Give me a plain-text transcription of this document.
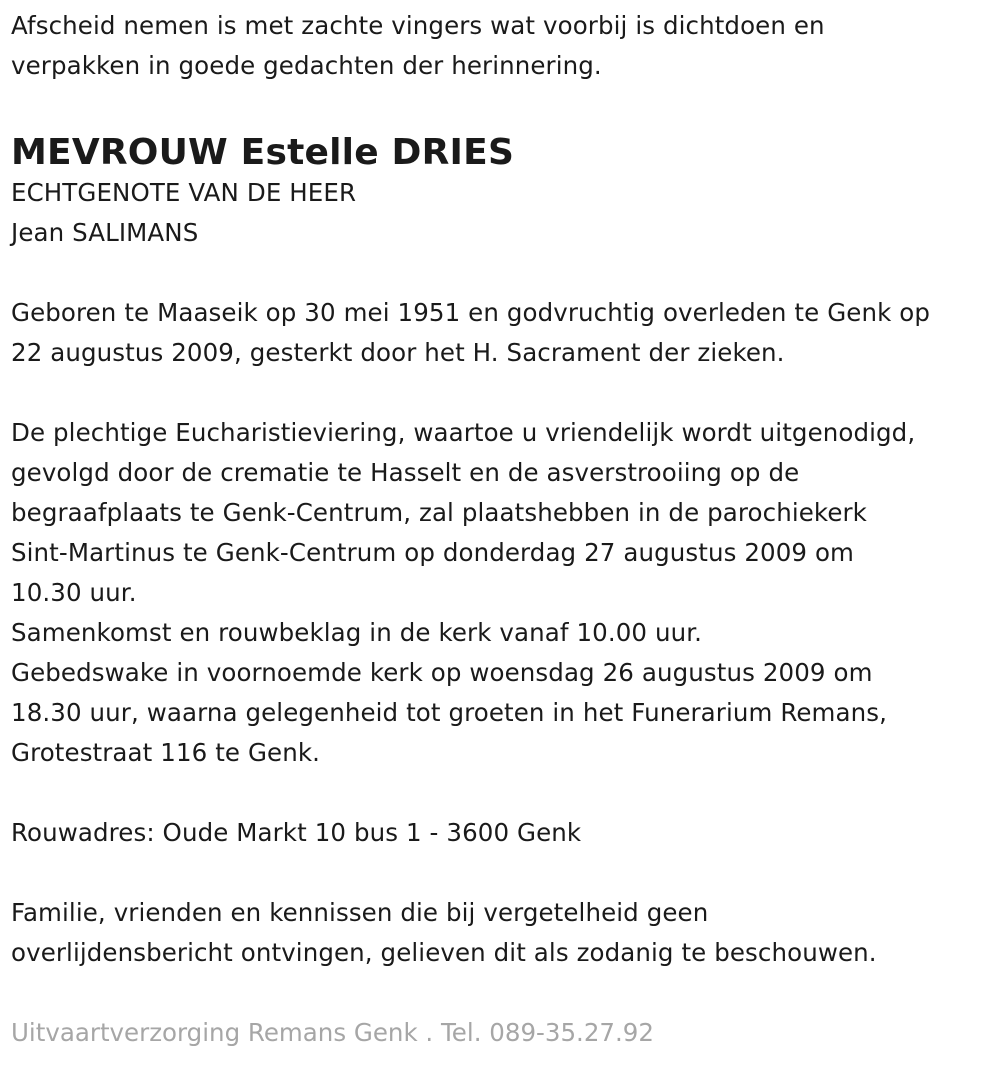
Afscheid nemen is met zachte vingers wat voorbij is dichtdoen en
verpakken in goede gedachten der herinnering.
MEVROUW Estelle DRIES
ECHTGENOTE VAN DE HEER
Jean SALIMANS
Geboren te Maaseik op 30 mei 1951 en godvruchtig overleden te Genk op
22 augustus 2009, gesterkt door het H. Sacrament der zieken.
De plechtige Eucharistieviering, waartoe u vriendelijk wordt uitgenodigd,
gevolgd door de crematie te Hasselt en de asverstrooiing op de
begraafplaats te Genk-Centrum, zal plaatshebben in de parochiekerk
Sint-Martinus te Genk-Centrum op donderdag 27 augustus 2009 om
10.30 uur.
Samenkomst en rouwbeklag in de kerk vanaf 10.00 uur.
Gebedswake in voornoemde kerk op woensdag 26 augustus 2009 om
18.30 uur, waarna gelegenheid tot groeten in het Funerarium Remans,
Grotestraat 116 te Genk.
Rouwadres: Oude Markt 10 bus 1 - 3600 Genk
Familie, vrienden en kennissen die bij vergetelheid geen
overlijdensbericht ontvingen, gelieven dit als zodanig te beschouwen.
Uitvaartverzorging Remans Genk . Tel. 089-35.27.92
